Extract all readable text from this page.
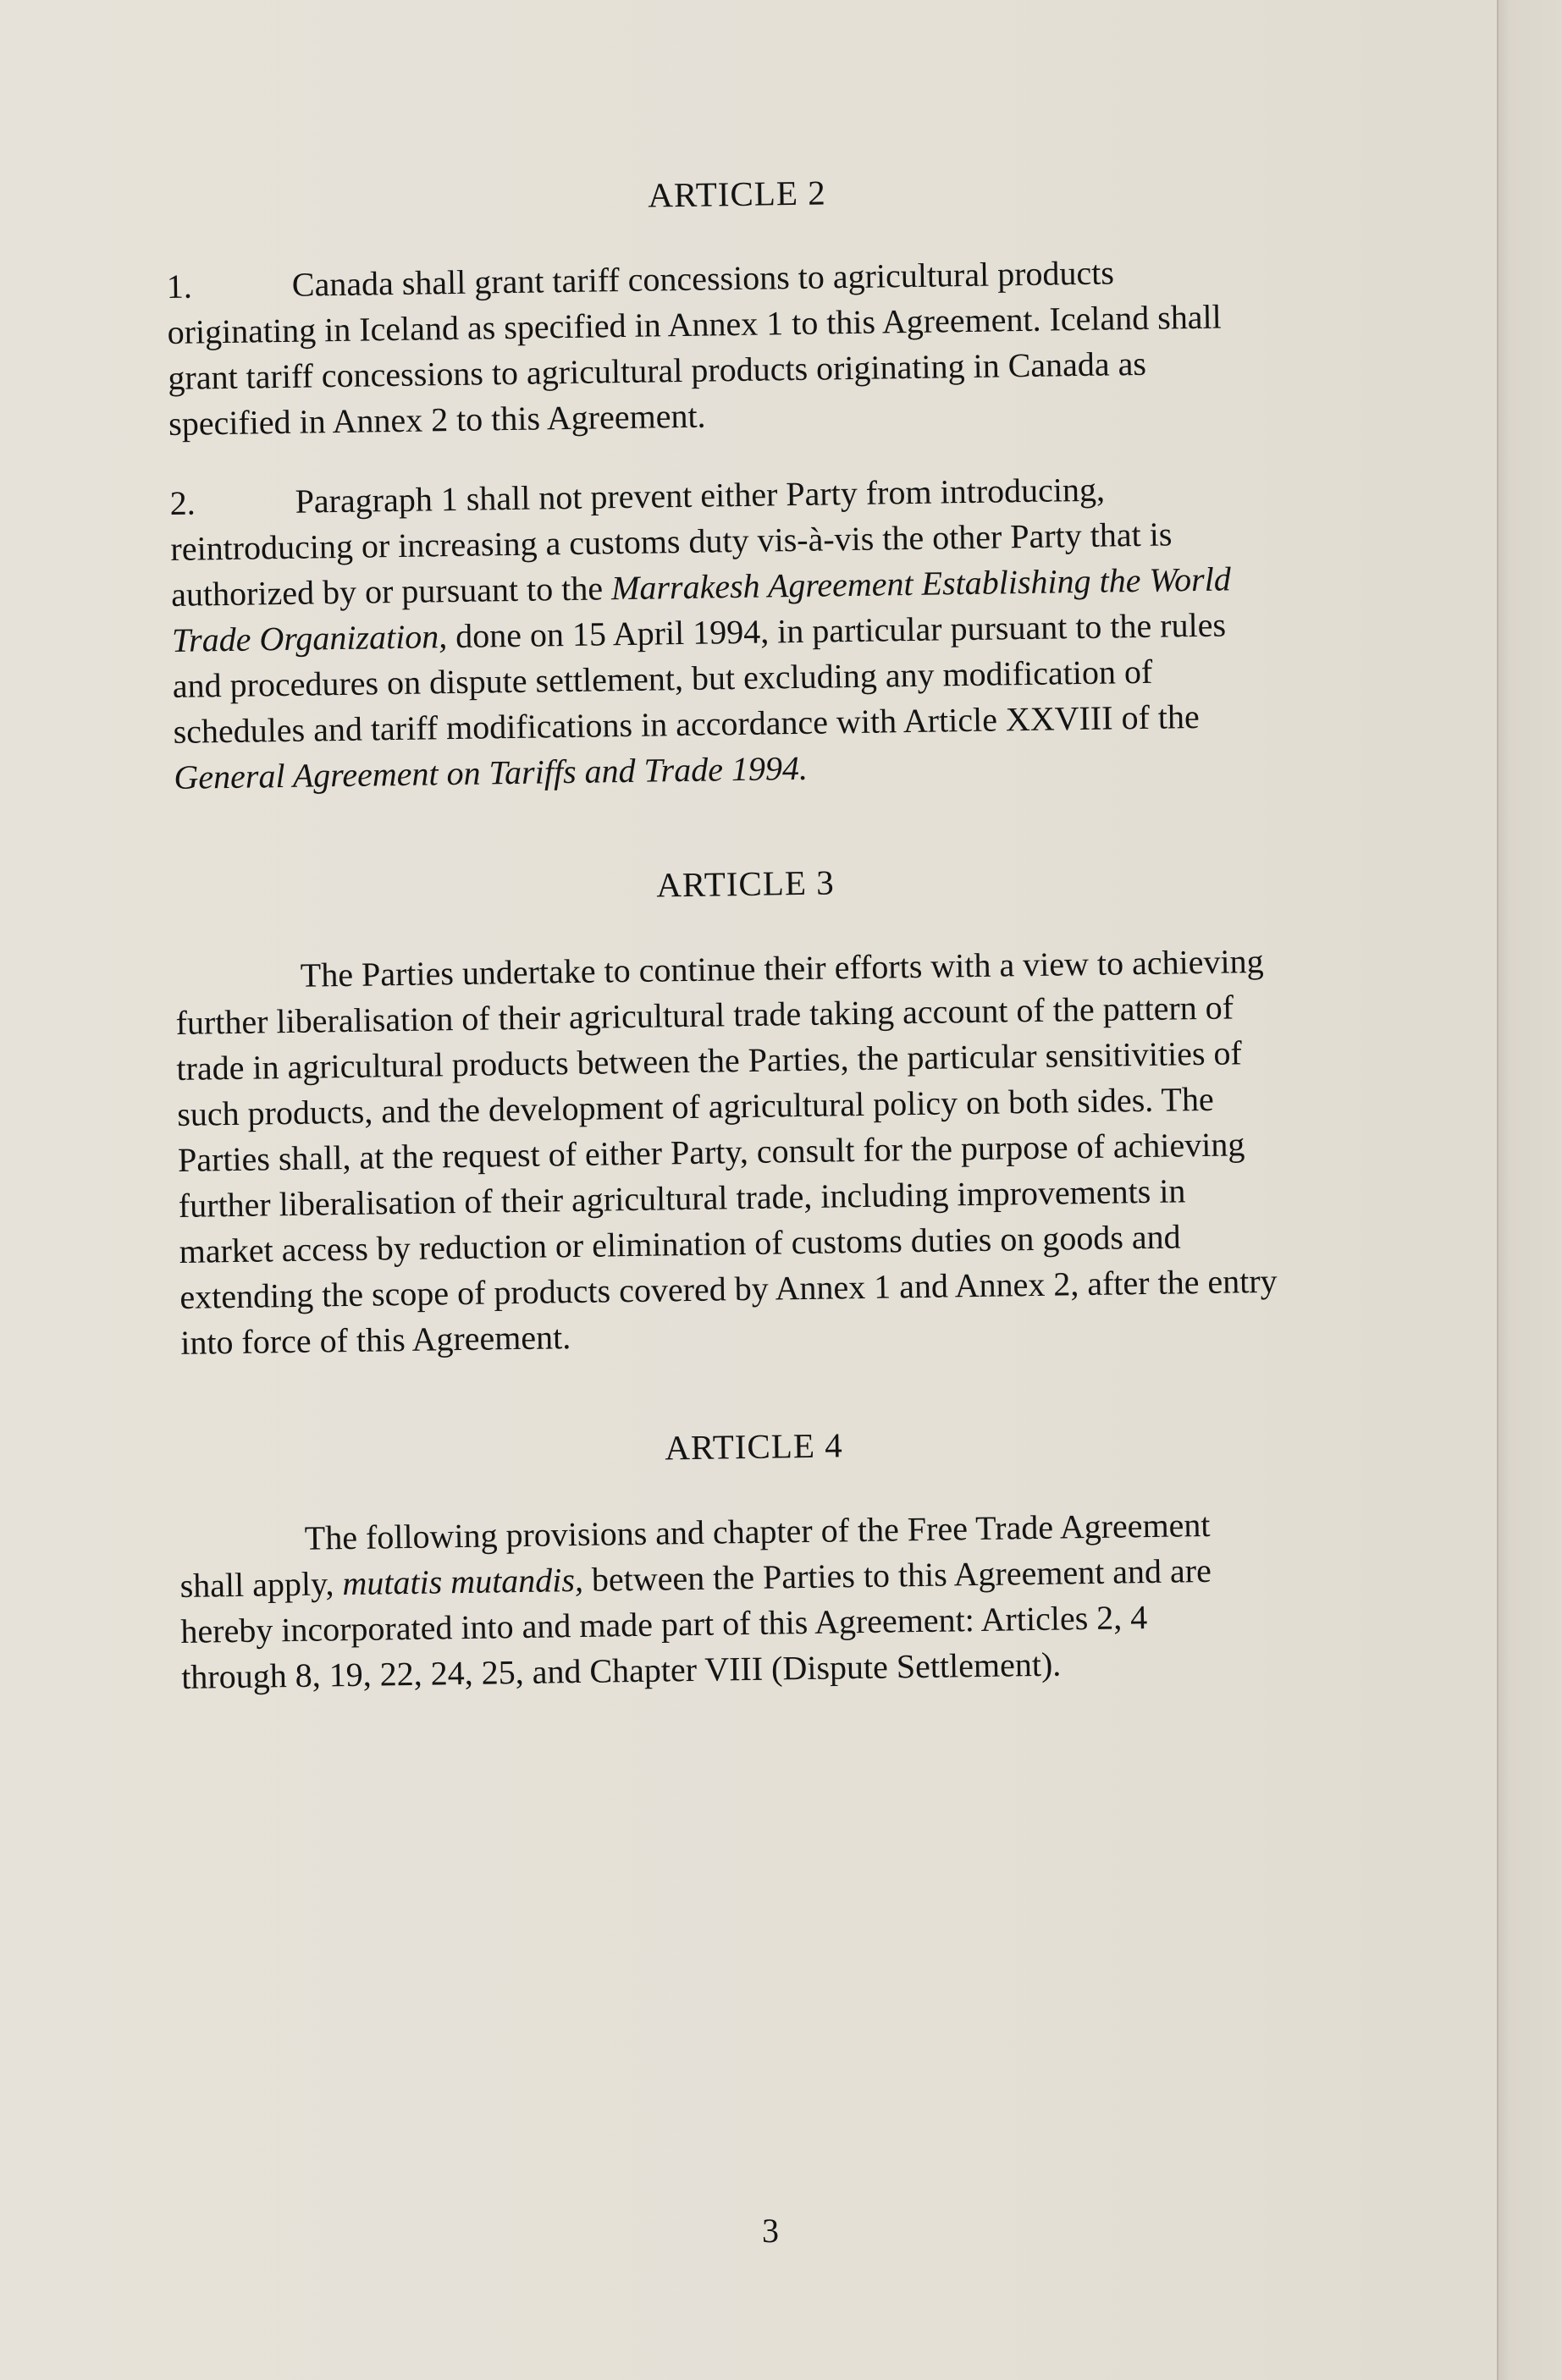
ARTICLE 2
1.	Canada shall grant tariff concessions to agricultural products
originating in Iceland as specified in Annex 1 to this Agreement. Iceland shall
grant tariff concessions to agricultural products originating in Canada as
specified in Annex 2 to this Agreement.
2.	Paragraph 1 shall not prevent either Party from introducing,
reintroducing or increasing a customs duty vis-à-vis the other Party that is
authorized by or pursuant to the Marrakesh Agreement Establishing the World
Trade Organization, done on 15 April 1994, in particular pursuant to the rules
and procedures on dispute settlement, but excluding any modification of
schedules and tariff modifications in accordance with Article XXVIII of the
General Agreement on Tariffs and Trade 1994.
ARTICLE 3
The Parties undertake to continue their efforts with a view to achieving
further liberalisation of their agricultural trade taking account of the pattern of
trade in agricultural products between the Parties, the particular sensitivities of
such products, and the development of agricultural policy on both sides. The
Parties shall, at the request of either Party, consult for the purpose of achieving
further liberalisation of their agricultural trade, including improvements in
market access by reduction or elimination of customs duties on goods and
extending the scope of products covered by Annex 1 and Annex 2, after the entry
into force of this Agreement.
ARTICLE 4
The following provisions and chapter of the Free Trade Agreement
shall apply, mutatis mutandis, between the Parties to this Agreement and are
hereby incorporated into and made part of this Agreement: Articles 2, 4
through 8, 19, 22, 24, 25, and Chapter VIII (Dispute Settlement).

3
